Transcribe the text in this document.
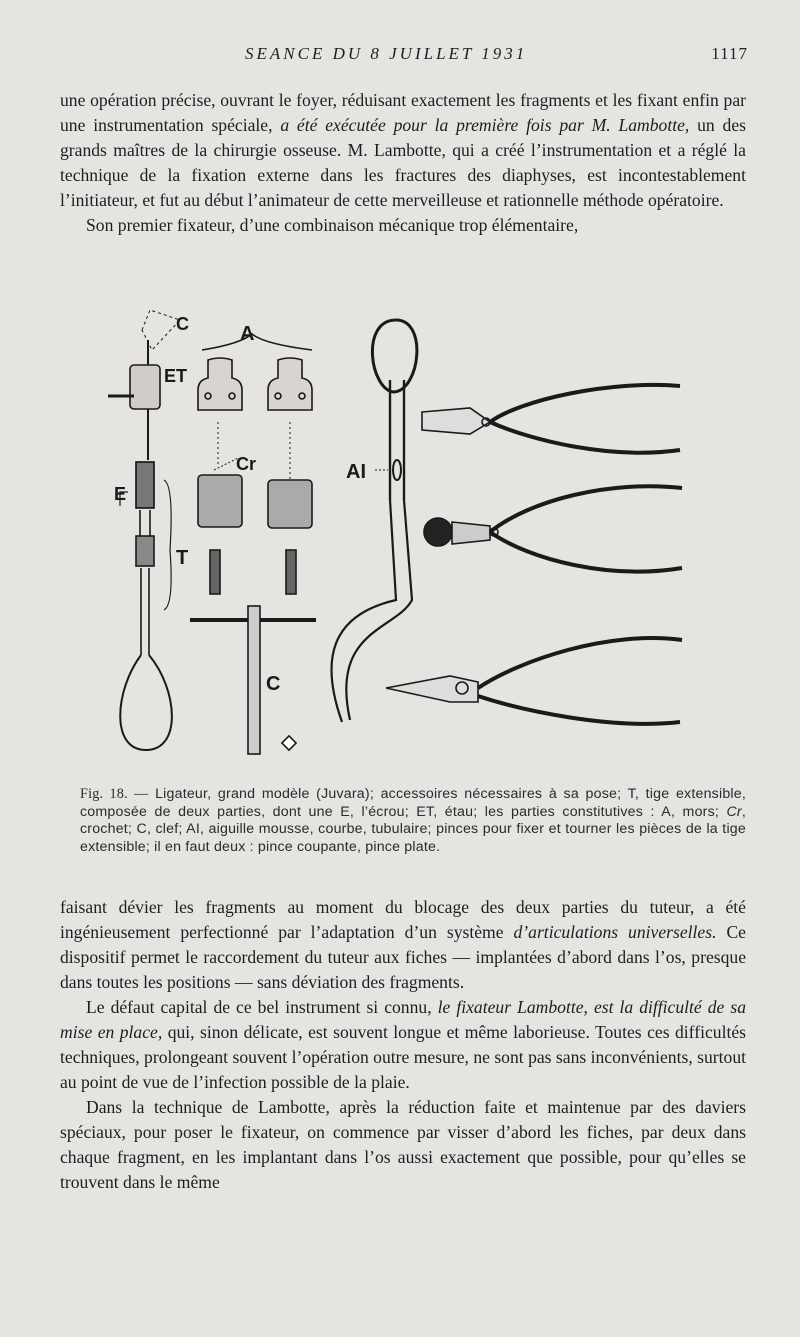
SEANCE DU 8 JUILLET 1931	1117

une opération précise, ouvrant le foyer, réduisant exactement les fragments et les fixant enfin par une instrumentation spéciale, a été exécutée pour la première fois par M. Lambotte, un des grands maîtres de la chirurgie osseuse. M. Lambotte, qui a créé l’instrumentation et a réglé la technique de la fixation externe dans les fractures des diaphyses, est incontestablement l’initiateur, et fut au début l’animateur de cette merveilleuse et rationnelle méthode opératoire.

Son premier fixateur, d’une combinaison mécanique trop élémentaire,

C	A
ET
Cr
E
T
C
AI

Fig. 18. — Ligateur, grand modèle (Juvara); accessoires nécessaires à sa pose; T, tige extensible, composée de deux parties, dont une E, l’écrou; ET, étau; les parties constitutives : A, mors; Cr, crochet; C, clef; AI, aiguille mousse, courbe, tubulaire; pinces pour fixer et tourner les pièces de la tige extensible; il en faut deux : pince coupante, pince plate.

faisant dévier les fragments au moment du blocage des deux parties du tuteur, a été ingénieusement perfectionné par l’adaptation d’un système d’articulations universelles. Ce dispositif permet le raccordement du tuteur aux fiches — implantées d’abord dans l’os, presque dans toutes les positions — sans déviation des fragments.

Le défaut capital de ce bel instrument si connu, le fixateur Lambotte, est la difficulté de sa mise en place, qui, sinon délicate, est souvent longue et même laborieuse. Toutes ces difficultés techniques, prolongeant souvent l’opération outre mesure, ne sont pas sans inconvénients, surtout au point de vue de l’infection possible de la plaie.

Dans la technique de Lambotte, après la réduction faite et maintenue par des daviers spéciaux, pour poser le fixateur, on commence par visser d’abord les fiches, par deux dans chaque fragment, en les implantant dans l’os aussi exactement que possible, pour qu’elles se trouvent dans le même
